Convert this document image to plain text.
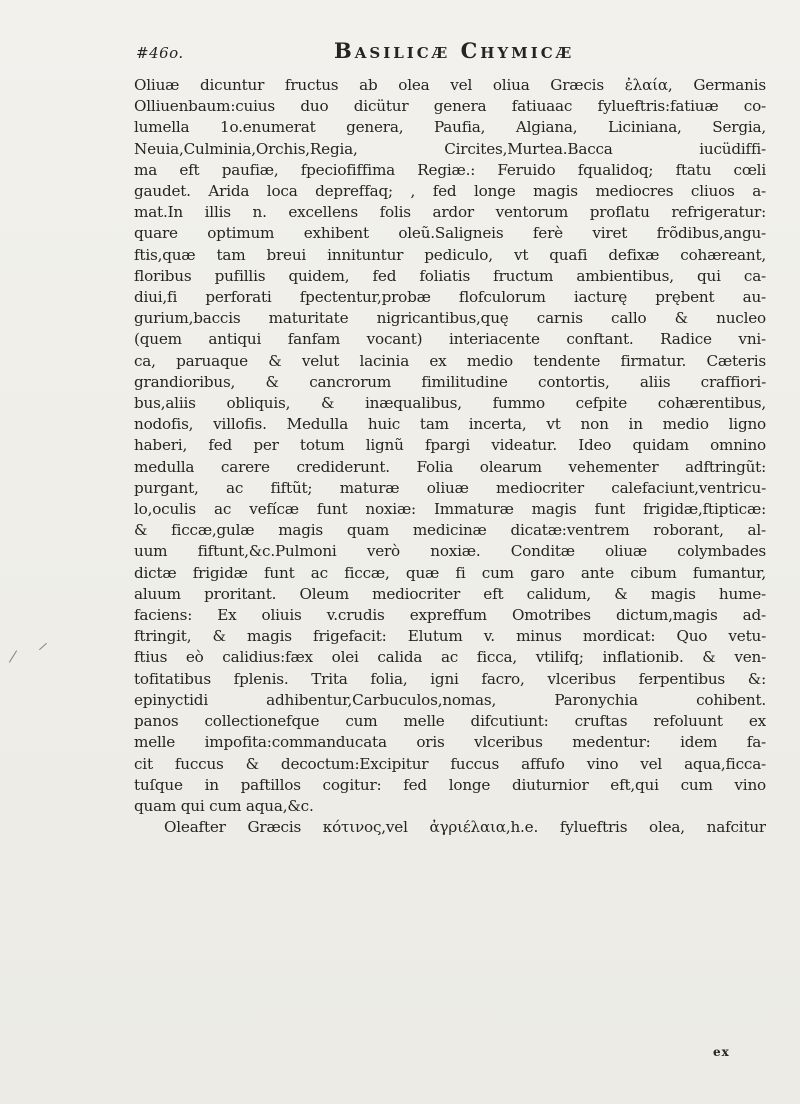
#46o.	Basilicæ Chymicæ
Oliuæ dicuntur fructus ab olea vel oliua Græcis ἐλαία, Germanis
Olliuenbaum:cuius duo dicütur genera fatiuaac fylueftris:fatiuæ co-
lumella 1o.enumerat genera, Paufia, Algiana, Liciniana, Sergia,
Neuia,Culminia,Orchis,Regia, Circites,Murtea.Bacca iucüdiffi-
ma eft paufiæ, fpeciofiffima Regiæ.: Feruido fqualidoq; ftatu cœli
gaudet. Arida loca depreffaq; , fed longe magis mediocres cliuos a-
mat.In illis n. excellens folis ardor ventorum proflatu refrigeratur:
quare optimum exhibent oleũ.Saligneis ferè viret frõdibus,angu-
ftis,quæ tam breui innituntur pediculo, vt quafi defixæ cohæreant,
floribus pufillis quidem, fed foliatis fructum ambientibus, qui ca-
diui,fi perforati fpectentur,probæ flofculorum iacturę prębent au-
gurium,baccis maturitate nigricantibus,quę carnis callo & nucleo
(quem antiqui fanfam vocant) interiacente conftant. Radice vni-
ca, paruaque & velut lacinia ex medio tendente firmatur. Cæteris
grandioribus, & cancrorum fimilitudine contortis, aliis craffiori-
bus,aliis obliquis, & inæqualibus, fummo cefpite cohærentibus,
nodofis, villofis. Medulla huic tam incerta, vt non in medio ligno
haberi, fed per totum lignũ fpargi videatur. Ideo quidam omnino
medulla carere crediderunt. Folia olearum vehementer adftringũt:
purgant, ac fiftũt; maturæ oliuæ mediocriter calefaciunt,ventricu-
lo,oculis ac vefícæ funt noxiæ: Immaturæ magis funt frigidæ,ftipticæ:
& ficcæ,gulæ magis quam medicinæ dicatæ:ventrem roborant, al-
uum fiftunt,&c.Pulmoni verò noxiæ. Conditæ oliuæ colymbades
dictæ frigidæ funt ac ficcæ, quæ fi cum garo ante cibum fumantur,
aluum proritant. Oleum mediocriter eft calidum, & magis hume-
faciens: Ex oliuis v.crudis expreffum Omotribes dictum,magis ad-
ftringit, & magis frigefacit: Elutum v. minus mordicat: Quo vetu-
ftius eò calidius:fæx olei calida ac ficca, vtilifq; inflationib. & ven-
tofitatibus fplenis. Trita folia, igni facro, vlceribus ferpentibus &:
epinyctidi adhibentur,Carbuculos,nomas, Paronychia cohibent.
panos collectionefque cum melle difcutiunt: cruftas refoluunt ex
melle impofita:commanducata oris vlceribus medentur: idem fa-
cit fuccus & decoctum:Excipitur fuccus affufo vino vel aqua,ficca-
tuſque in paftillos cogitur: fed longe diuturnior eft,qui cum vino
quam qui cum aqua,&c.
Oleafter Græcis κότινος,vel ἀγριέλαια,h.e. fylueftris olea, nafcitur
ex
